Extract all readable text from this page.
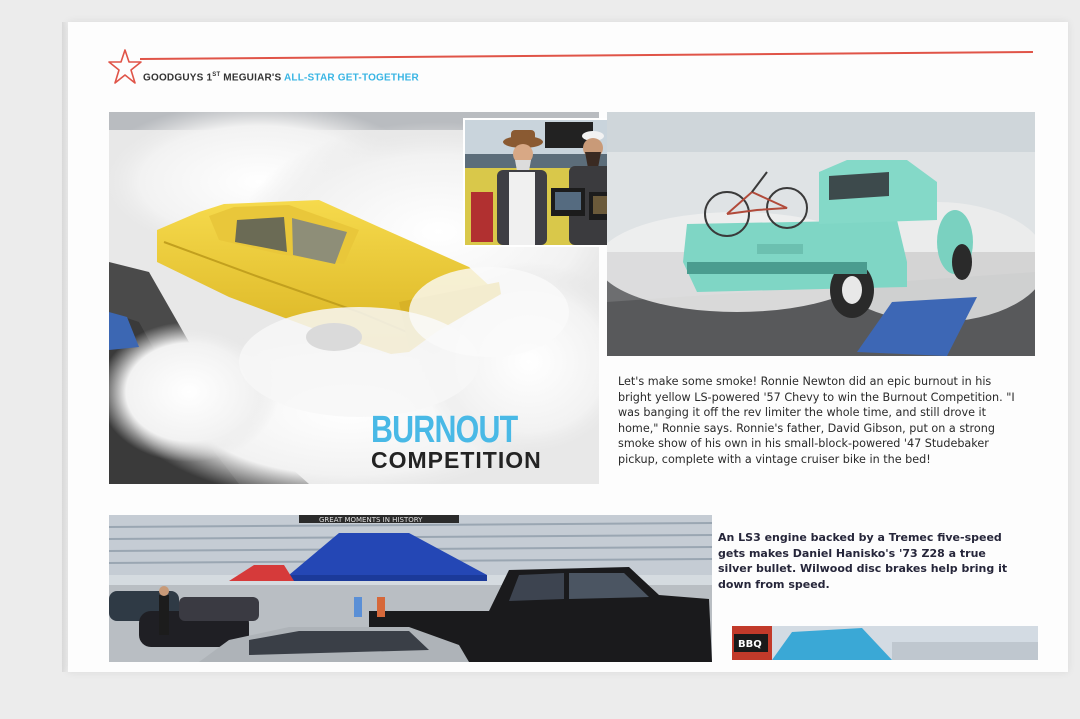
GOODGUYS 1ST MEGUIAR'S ALL-STAR GET-TOGETHER
BURNOUT
COMPETITION
Let's make some smoke! Ronnie Newton did an epic burnout in his bright yellow LS-powered '57 Chevy to win the Burnout Competition. "I was banging it off the rev limiter the whole time, and still drove it home," Ronnie says. Ronnie's father, David Gibson, put on a strong smoke show of his own in his small-block-powered '47 Studebaker pickup, complete with a vintage cruiser bike in the bed!
GREAT MOMENTS IN HISTORY
An LS3 engine backed by a Tremec five-speed gets makes Daniel Hanisko's '73 Z28 a true silver bullet. Wilwood disc brakes help bring it down from speed.
BBQ
